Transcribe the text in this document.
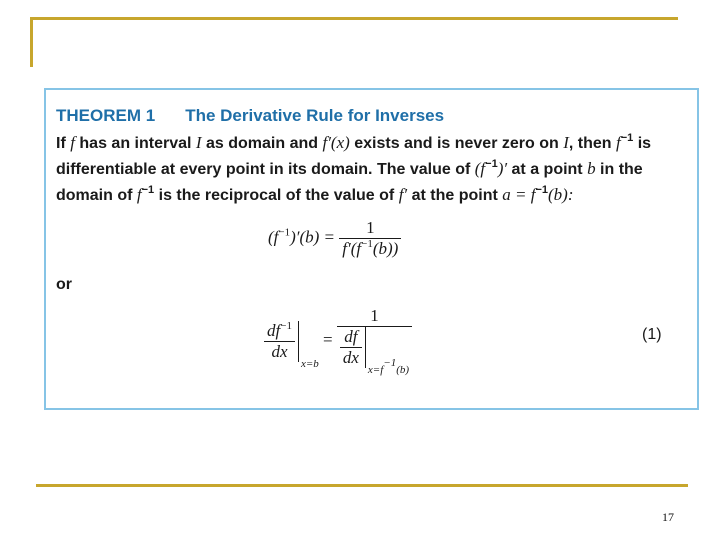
THEOREM 1 The Derivative Rule for Inverses
If f has an interval I as domain and f′(x) exists and is never zero on I, then $f^{-1}$ is
differentiable at every point in its domain. The value of $(f^{-1})'$ at a point b in the
domain of $f^{-1}$ is the reciprocal of the value of f′ at the point $a = f^{-1}(b)$:
$(f^{-1})'(b) = \frac{1}{f'(f^{-1}(b))}$
or
$\frac{df^{-1}}{dx}$
$_{x=b}$ = 1
$\frac{df}{dx}$
$_{x=f^{-1}(b)}$	(1)
17
